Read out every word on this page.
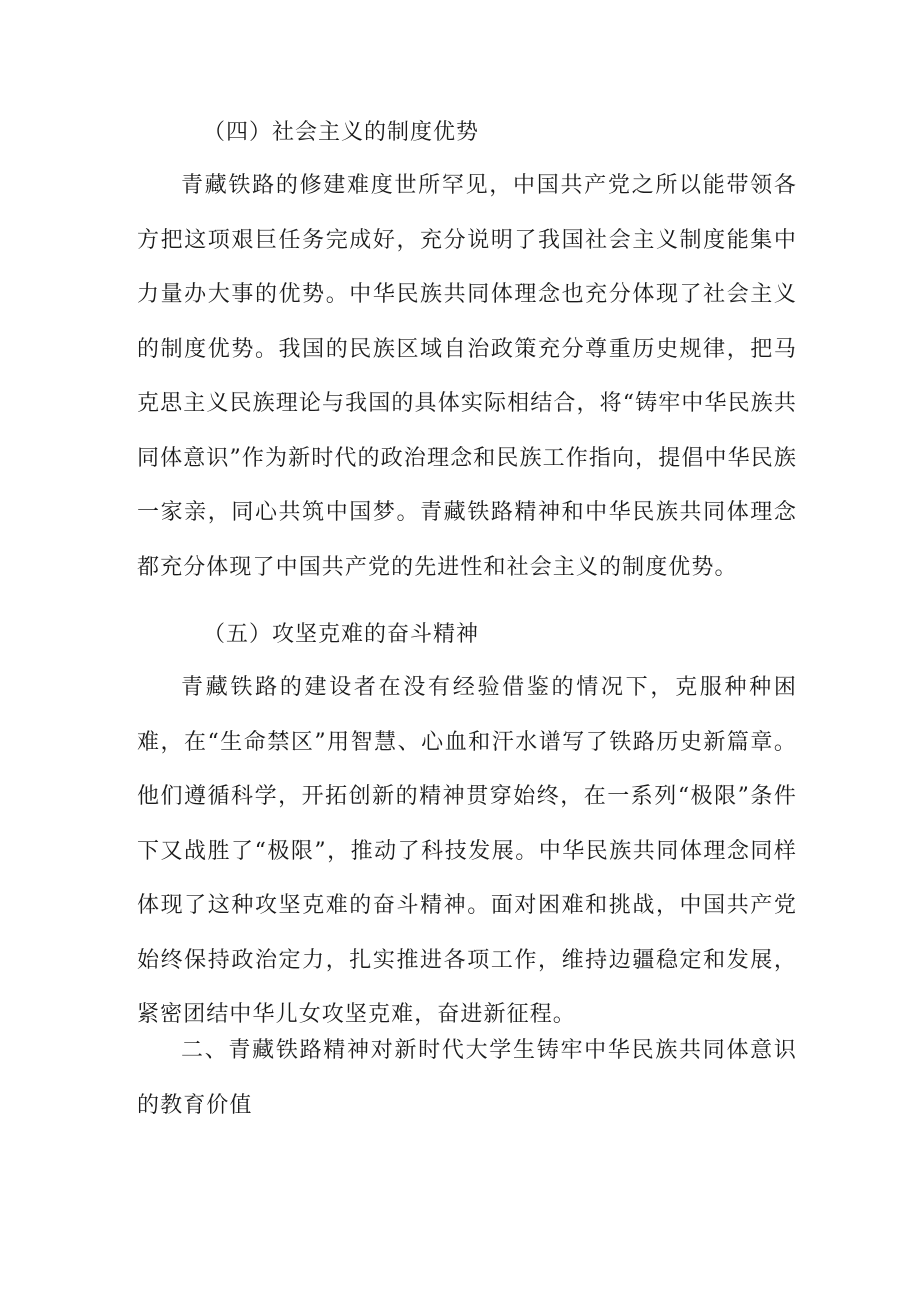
（四）社会主义的制度优势

青藏铁路的修建难度世所罕见，中国共产党之所以能带领各方把这项艰巨任务完成好，充分说明了我国社会主义制度能集中力量办大事的优势。中华民族共同体理念也充分体现了社会主义的制度优势。我国的民族区域自治政策充分尊重历史规律，把马克思主义民族理论与我国的具体实际相结合，将“铸牢中华民族共同体意识”作为新时代的政治理念和民族工作指向，提倡中华民族一家亲，同心共筑中国梦。青藏铁路精神和中华民族共同体理念都充分体现了中国共产党的先进性和社会主义的制度优势。

（五）攻坚克难的奋斗精神

青藏铁路的建设者在没有经验借鉴的情况下，克服种种困难，在“生命禁区”用智慧、心血和汗水谱写了铁路历史新篇章。他们遵循科学，开拓创新的精神贯穿始终，在一系列“极限”条件下又战胜了“极限”，推动了科技发展。中华民族共同体理念同样体现了这种攻坚克难的奋斗精神。面对困难和挑战，中国共产党始终保持政治定力，扎实推进各项工作，维持边疆稳定和发展，紧密团结中华儿女攻坚克难，奋进新征程。

二、青藏铁路精神对新时代大学生铸牢中华民族共同体意识的教育价值
